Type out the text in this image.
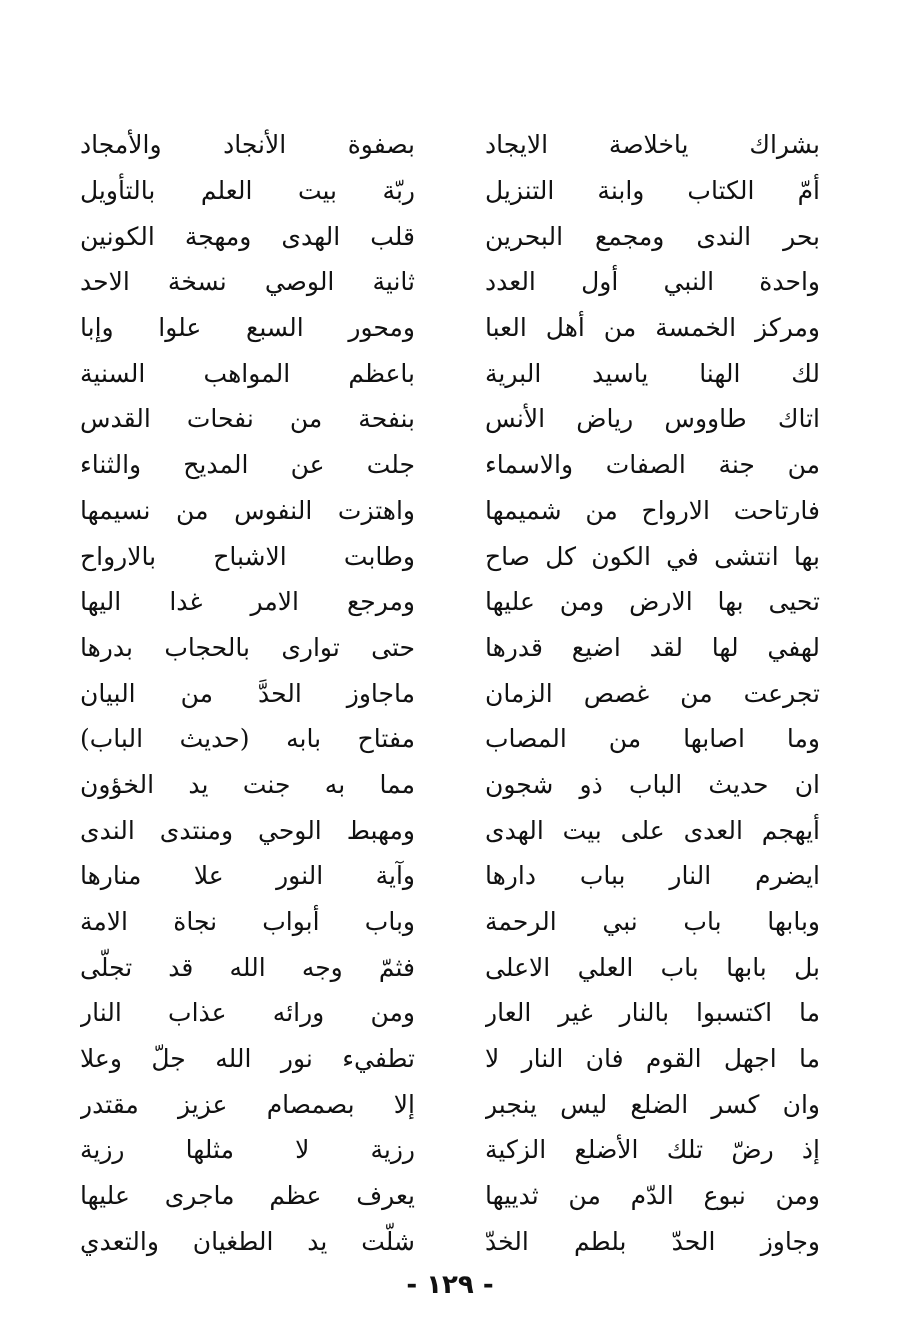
بشراك ياخلاصة الايجاد
بصفوة الأنجاد والأمجاد
أمّ الكتاب وابنة التنزيل
ربّة بيت العلم بالتأويل
بحر الندى ومجمع البحرين
قلب الهدى ومهجة الكونين
واحدة النبي أول العدد
ثانية الوصي نسخة الاحد
ومركز الخمسة من أهل العبا
ومحور السبع علوا وإبا
لك الهنا ياسيد البرية
باعظم المواهب السنية
اتاك طاووس رياض الأنس
بنفحة من نفحات القدس
من جنة الصفات والاسماء
جلت عن المديح والثناء
فارتاحت الارواح من شميمها
واهتزت النفوس من نسيمها
بها انتشى في الكون كل صاح
وطابت الاشباح بالارواح
تحيى بها الارض ومن عليها
ومرجع الامر غدا اليها
لهفي لها لقد اضيع قدرها
حتى تواری بالحجاب بدرها
تجرعت من غصص الزمان
ماجاوز الحدَّ من البيان
وما اصابها من المصاب
مفتاح بابه (حديث الباب)
ان حديث الباب ذو شجون
مما به جنت يد الخؤون
أيهجم العدى على بيت الهدى
ومهبط الوحي ومنتدى الندى
ايضرم النار بباب دارها
وآية النور علا منارها
وبابها باب نبي الرحمة
وباب أبواب نجاة الامة
بل بابها باب العلي الاعلى
فثمّ وجه الله قد تجلّى
ما اكتسبوا بالنار غير العار
ومن ورائه عذاب النار
ما اجهل القوم فان النار لا
تطفيء نور الله جلّ وعلا
وان كسر الضلع ليس ينجبر
إلا بصمصام عزيز مقتدر
إذ رضّ تلك الأضلع الزكية
رزية لا مثلها رزية
ومن نبوع الدّم من ثدييها
يعرف عظم ماجرى عليها
وجاوز الحدّ بلطم الخدّ
شلّت يد الطغيان والتعدي
- ١٢٩ -
